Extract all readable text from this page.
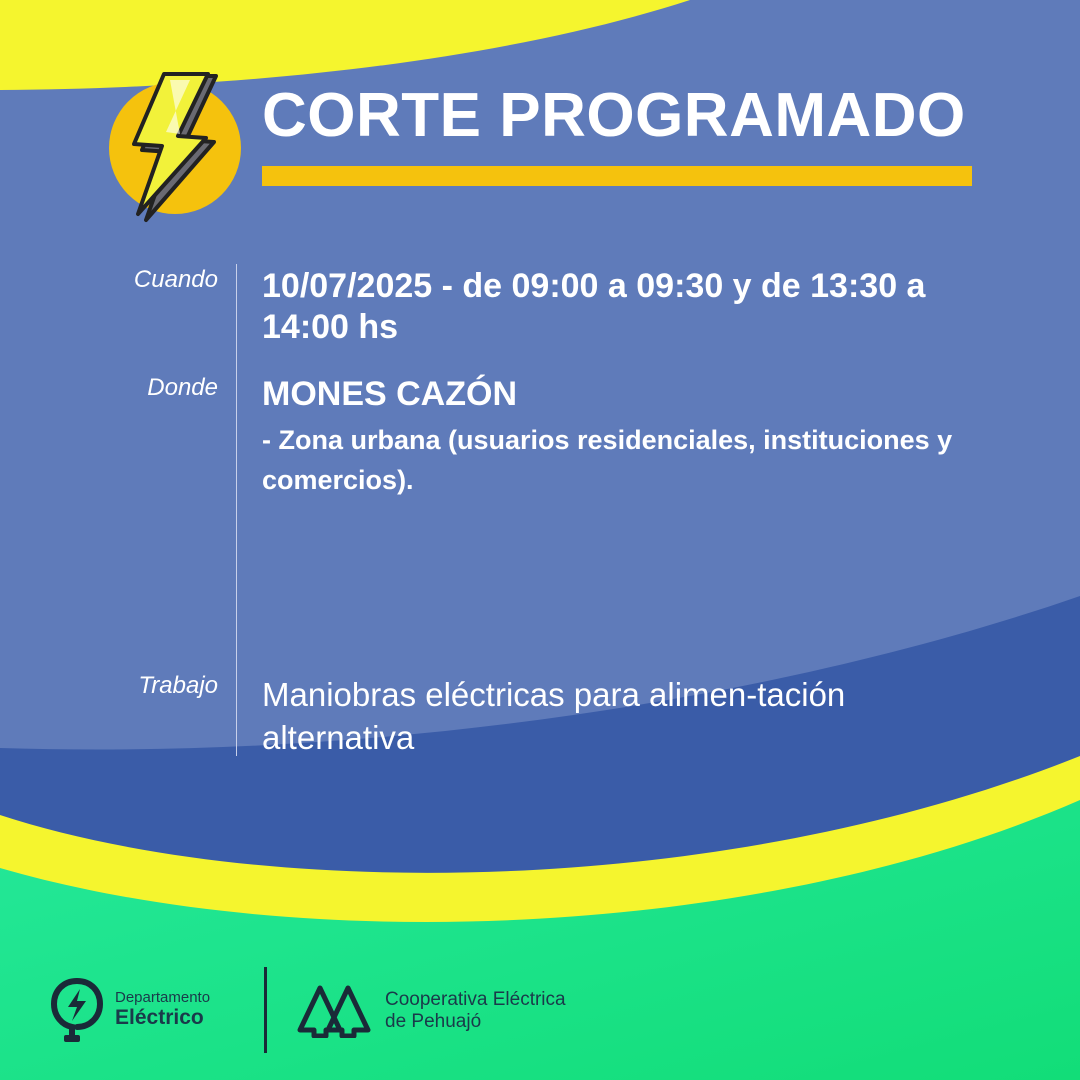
CORTE PROGRAMADO
Cuando 10/07/2025 - de 09:00 a 09:30 y de 13:30 a 14:00 hs
Donde MONES CAZÓN
- Zona urbana (usuarios residenciales, instituciones y comercios).
Trabajo Maniobras eléctricas para alimen-tación alternativa
Departamento
Eléctrico
Cooperativa Eléctrica
de Pehuajó
